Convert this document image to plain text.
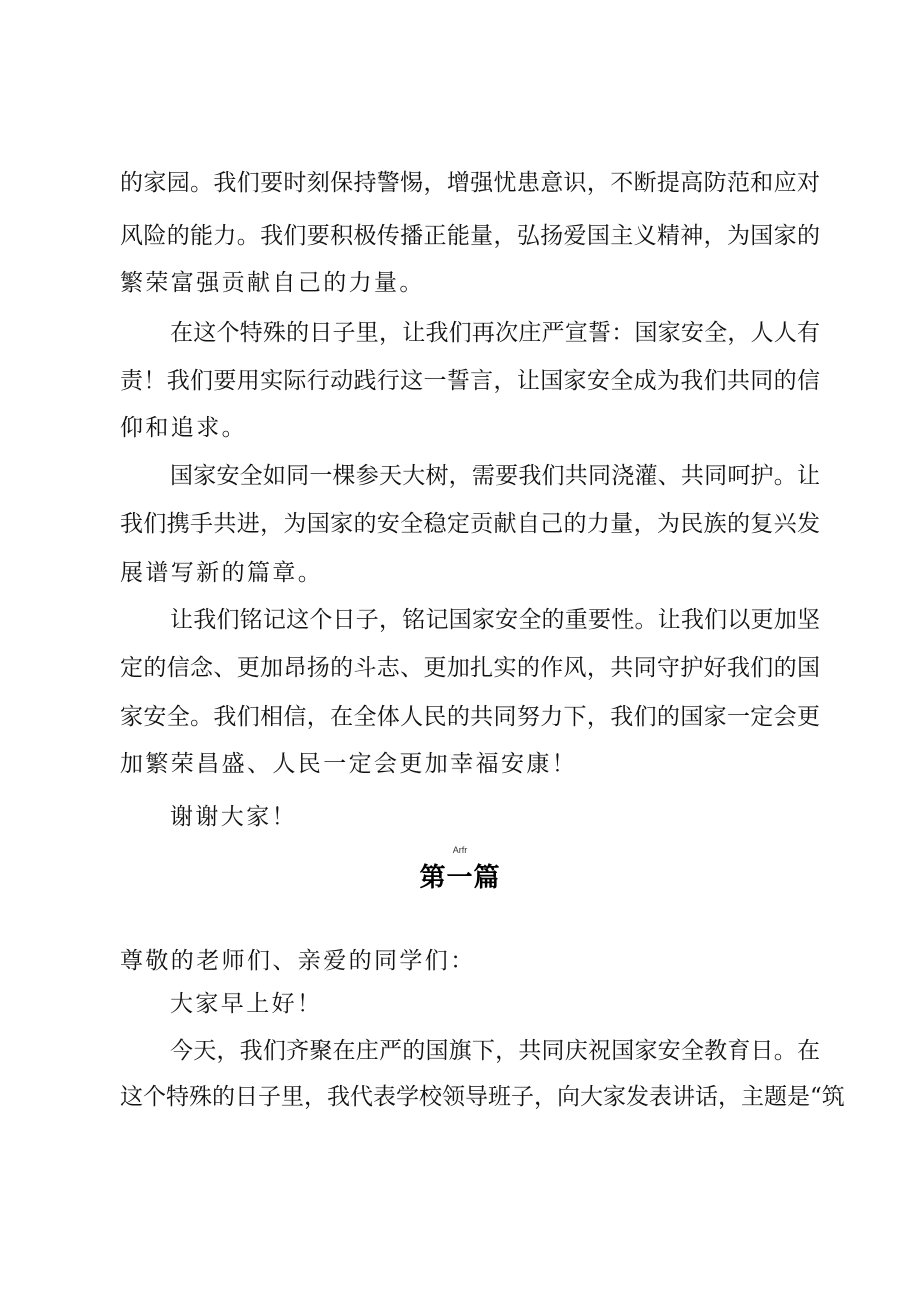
的家园。我们要时刻保持警惕，增强忧患意识，不断提高防范和应对
风险的能力。我们要积极传播正能量，弘扬爱国主义精神，为国家的
繁荣富强贡献自己的力量。
在这个特殊的日子里，让我们再次庄严宣誓：国家安全，人人有
责！我们要用实际行动践行这一誓言，让国家安全成为我们共同的信
仰和追求。
国家安全如同一棵参天大树，需要我们共同浇灌、共同呵护。让
我们携手共进，为国家的安全稳定贡献自己的力量，为民族的复兴发
展谱写新的篇章。
让我们铭记这个日子，铭记国家安全的重要性。让我们以更加坚
定的信念、更加昂扬的斗志、更加扎实的作风，共同守护好我们的国
家安全。我们相信，在全体人民的共同努力下，我们的国家一定会更
加繁荣昌盛、人民一定会更加幸福安康！
谢谢大家！
Arfr
第一篇
尊敬的老师们、亲爱的同学们：
大家早上好！
今天，我们齐聚在庄严的国旗下，共同庆祝国家安全教育日。在
这个特殊的日子里，我代表学校领导班子，向大家发表讲话，主题是“筑
